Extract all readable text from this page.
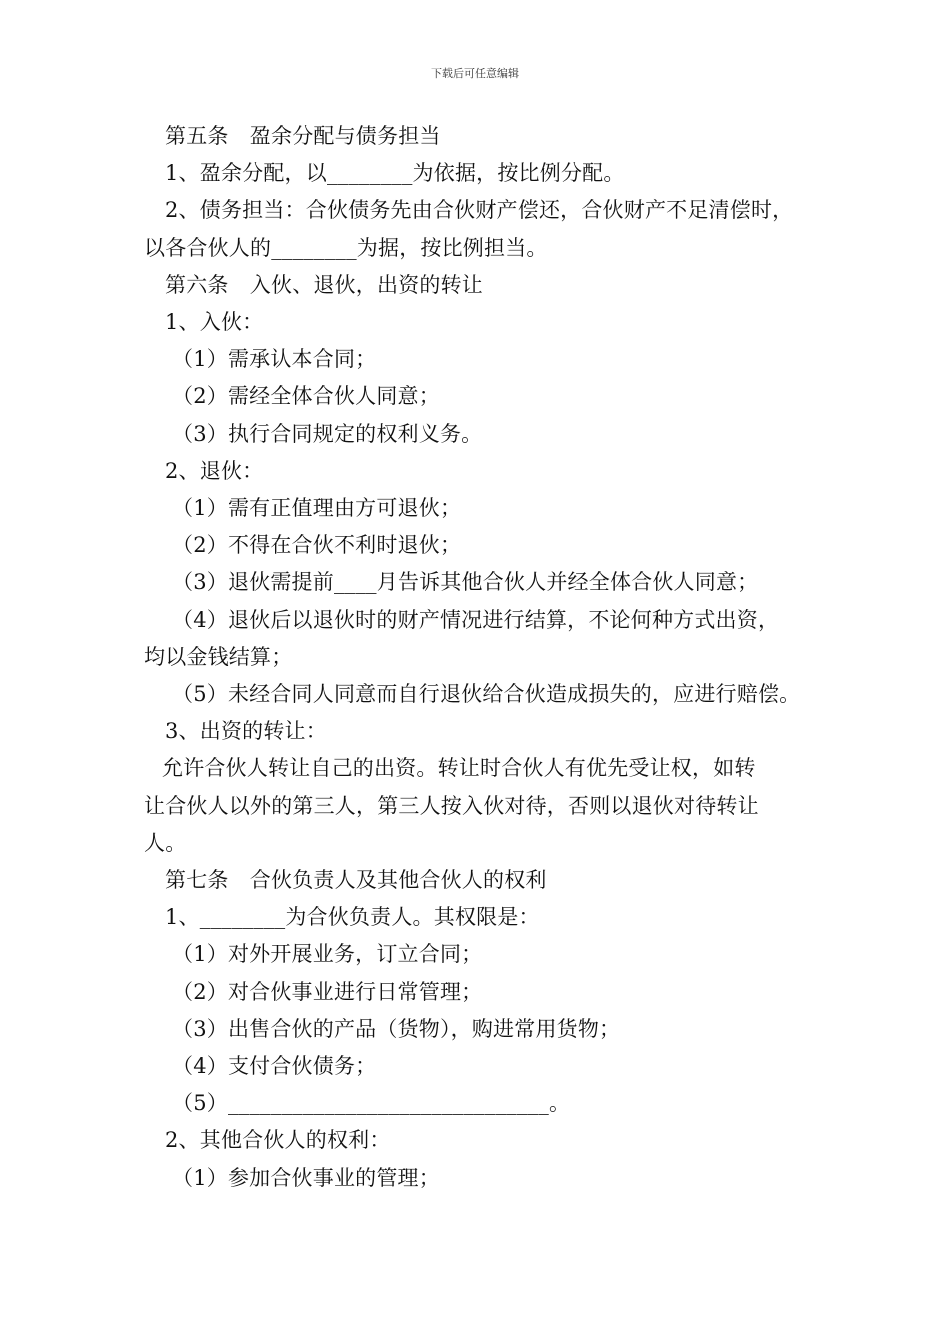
下载后可任意编辑
第五条　盈余分配与债务担当
1、盈余分配，以________为依据，按比例分配。
2、债务担当：合伙债务先由合伙财产偿还，合伙财产不足清偿时，
以各合伙人的________为据，按比例担当。
第六条　入伙、退伙，出资的转让
1、入伙：
（1）需承认本合同；
（2）需经全体合伙人同意；
（3）执行合同规定的权利义务。
2、退伙：
（1）需有正值理由方可退伙；
（2）不得在合伙不利时退伙；
（3）退伙需提前____月告诉其他合伙人并经全体合伙人同意；
（4）退伙后以退伙时的财产情况进行结算，不论何种方式出资，
均以金钱结算；
（5）未经合同人同意而自行退伙给合伙造成损失的，应进行赔偿。
3、出资的转让：
允许合伙人转让自己的出资。转让时合伙人有优先受让权，如转
让合伙人以外的第三人，第三人按入伙对待，否则以退伙对待转让
人。
第七条　合伙负责人及其他合伙人的权利
1、________为合伙负责人。其权限是：
（1）对外开展业务，订立合同；
（2）对合伙事业进行日常管理；
（3）出售合伙的产品（货物），购进常用货物；
（4）支付合伙债务；
（5）______________________________。
2、其他合伙人的权利：
（1）参加合伙事业的管理；
